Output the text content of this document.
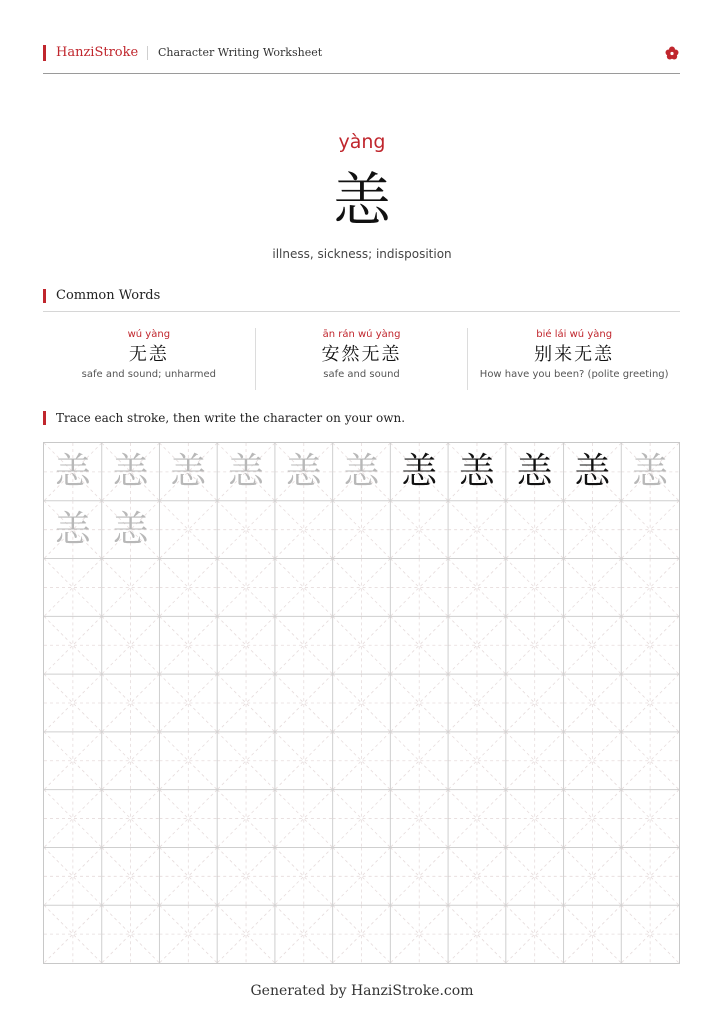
HanziStroke Character Writing Worksheet
yàng
恙
illness, sickness; indisposition
Common Words
wú yàng
无恙
safe and sound; unharmed
ān rán wú yàng
安然无恙
safe and sound
bié lái wú yàng
别来无恙
How have you been? (polite greeting)
Trace each stroke, then write the character on your own.
恙 恙 恙 恙 恙 恙 恙 恙 恙 恙 恙
恙 恙
Generated by HanziStroke.com
